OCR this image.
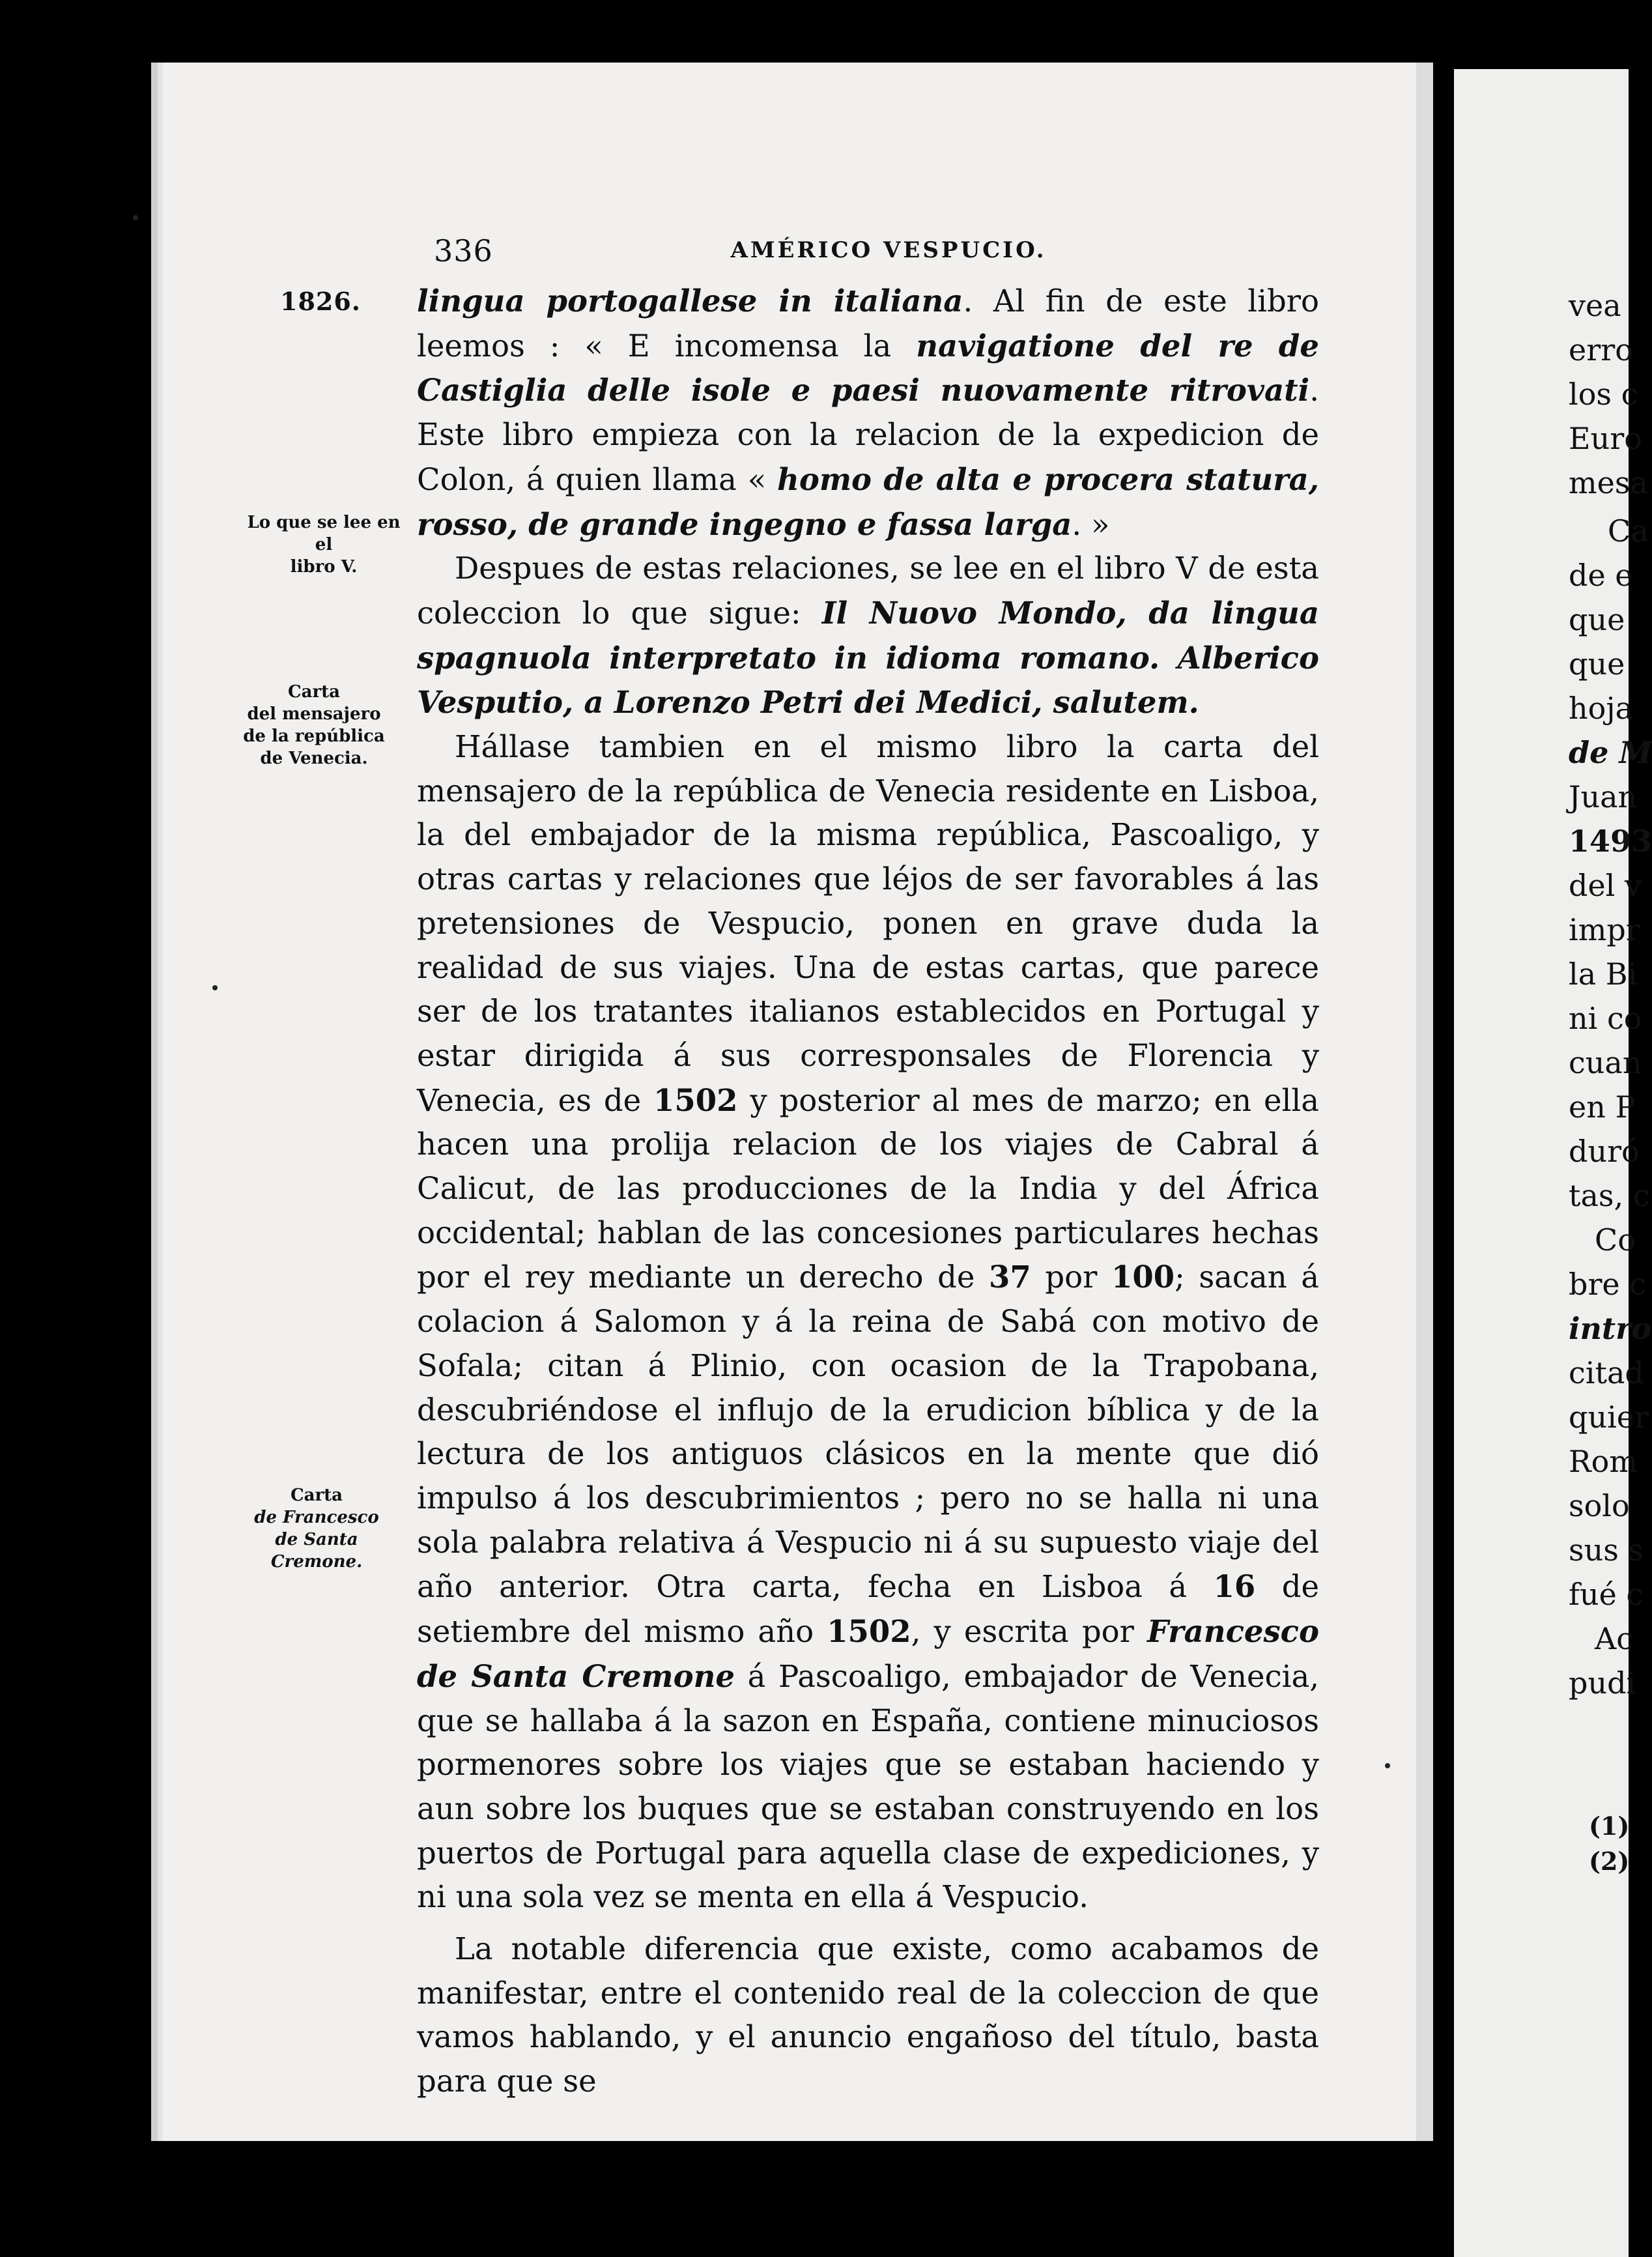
336	AMÉRICO VESPUCIO.
1826.
Lo que se lee en el
libro V.
Carta
del mensajero
de la república
de Venecia.
Carta
de Francesco
de Santa Cremone.

lingua portogallese in italiana. Al fin de este libro leemos : « E incomensa la navigatione del re de Castiglia delle isole e paesi nuovamente ritrovati. Este libro empieza con la relacion de la expedicion de Colon, á quien llama « homo de alta e procera statura, rosso, de grande ingegno e fassa larga. »

Despues de estas relaciones, se lee en el libro V de esta coleccion lo que sigue: Il Nuovo Mondo, da lingua spagnuola interpretato in idioma romano. Alberico Vesputio, a Lorenzo Petri dei Medici, salutem.

Hállase tambien en el mismo libro la carta del mensajero de la república de Venecia residente en Lisboa, la del embajador de la misma república, Pascoaligo, y otras cartas y relaciones que léjos de ser favorables á las pretensiones de Vespucio, ponen en grave duda la realidad de sus viajes. Una de estas cartas, que parece ser de los tratantes italianos establecidos en Portugal y estar dirigida á sus corresponsales de Florencia y Venecia, es de 1502 y posterior al mes de marzo; en ella hacen una prolija relacion de los viajes de Cabral á Calicut, de las producciones de la India y del África occidental; hablan de las concesiones particulares hechas por el rey mediante un derecho de 37 por 100; sacan á colacion á Salomon y á la reina de Sabá con motivo de Sofala; citan á Plinio, con ocasion de la Trapobana, descubriéndose el influjo de la erudicion bíblica y de la lectura de los antiguos clásicos en la mente que dió impulso á los descubrimientos ; pero no se halla ni una sola palabra relativa á Vespucio ni á su supuesto viaje del año anterior. Otra carta, fecha en Lisboa á 16 de setiembre del mismo año 1502, y escrita por Francesco de Santa Cremone á Pascoaligo, embajador de Venecia, que se hallaba á la sazon en España, contiene minuciosos pormenores sobre los viajes que se estaban haciendo y aun sobre los buques que se estaban construyendo en los puertos de Portugal para aquella clase de expediciones, y ni una sola vez se menta en ella á Vespucio.

La notable diferencia que existe, como acabamos de manifestar, entre el contenido real de la coleccion de que vamos hablando, y el anuncio engañoso del título, basta para que se

vea
erro
los c
Euro
mesa
Ca
de e
que
que
hoja
de M
Juan
1493
del v
impr
la Bi
ni co
cuan
en P
duró
tas, c
Co
bre c
intro
citad
quier
Rom
solo
sus s
fué c
Ac
pudi
(1)
(2)
